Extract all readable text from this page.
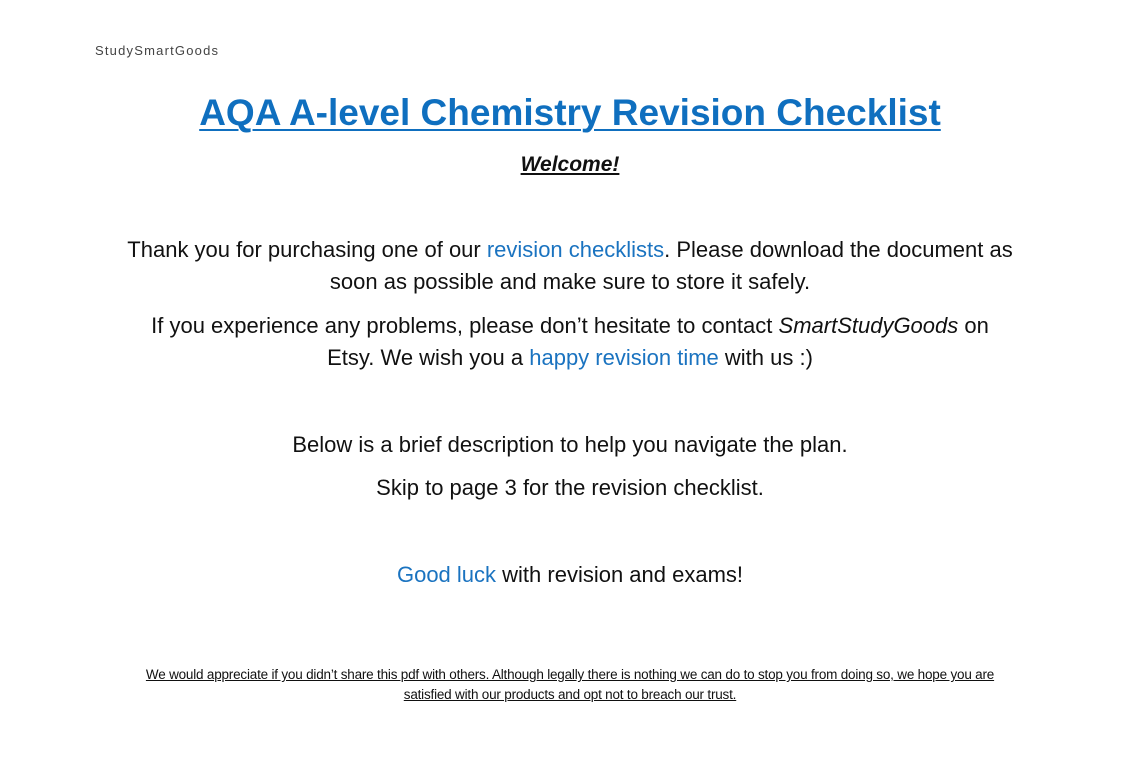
StudySmartGoods
AQA A-level Chemistry Revision Checklist
Welcome!
Thank you for purchasing one of our revision checklists. Please download the document as
soon as possible and make sure to store it safely.
If you experience any problems, please don’t hesitate to contact SmartStudyGoods on
Etsy. We wish you a happy revision time with us :)
Below is a brief description to help you navigate the plan.
Skip to page 3 for the revision checklist.
Good luck with revision and exams!
We would appreciate if you didn’t share this pdf with others. Although legally there is nothing we can do to stop you from doing so, we hope you are
satisfied with our products and opt not to breach our trust.
